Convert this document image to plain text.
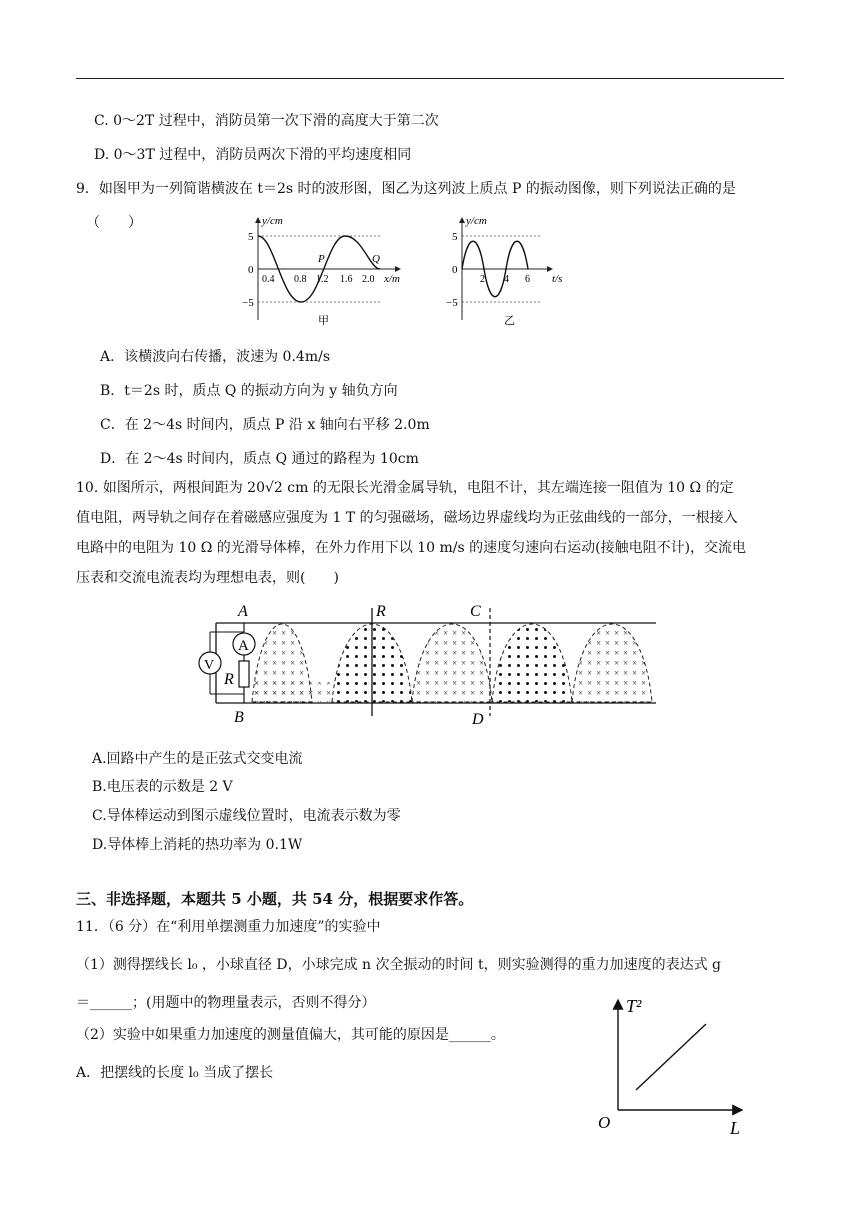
C. 0～2T 过程中，消防员第一次下滑的高度大于第二次
D. 0～3T 过程中，消防员两次下滑的平均速度相同
9．如图甲为一列简谐横波在 t＝2s 时的波形图，图乙为这列波上质点 P 的振动图像，则下列说法正确的是
（　　）	y/cm
5
0
−5
0.4 0.8 1.2 1.6 2.0 x/m
P	Q
甲
y/cm
5
0
−5
2 4 6 t/s
乙
A．该横波向右传播，波速为 0.4m/s
B．t＝2s 时，质点 Q 的振动方向为 y 轴负方向
C．在 2～4s 时间内，质点 P 沿 x 轴向右平移 2.0m
D．在 2～4s 时间内，质点 Q 通过的路程为 10cm
10. 如图所示，两根间距为 20√2 cm 的无限长光滑金属导轨，电阻不计，其左端连接一阻值为 10 Ω 的定
值电阻，两导轨之间存在着磁感应强度为 1 T 的匀强磁场，磁场边界虚线均为正弦曲线的一部分，一根接入
电路中的电阻为 10 Ω 的光滑导体棒，在外力作用下以 10 m/s 的速度匀速向右运动(接触电阻不计)，交流电
压表和交流电流表均为理想电表，则(　　)
A
V
A
B
R
R
C
D
A.回路中产生的是正弦式交变电流
B.电压表的示数是 2 V
C.导体棒运动到图示虚线位置时，电流表示数为零
D.导体棒上消耗的热功率为 0.1W
三、非选择题，本题共 5 小题，共 54 分，根据要求作答。
11．（6 分）在“利用单摆测重力加速度”的实验中
（1）测得摆线长 l₀ ，小球直径 D，小球完成 n 次全振动的时间 t，则实验测得的重力加速度的表达式 g
＝______；(用题中的物理量表示，否则不得分）
（2）实验中如果重力加速度的测量值偏大，其可能的原因是______。
A．把摆线的长度 l₀ 当成了摆长
T²
L
O
